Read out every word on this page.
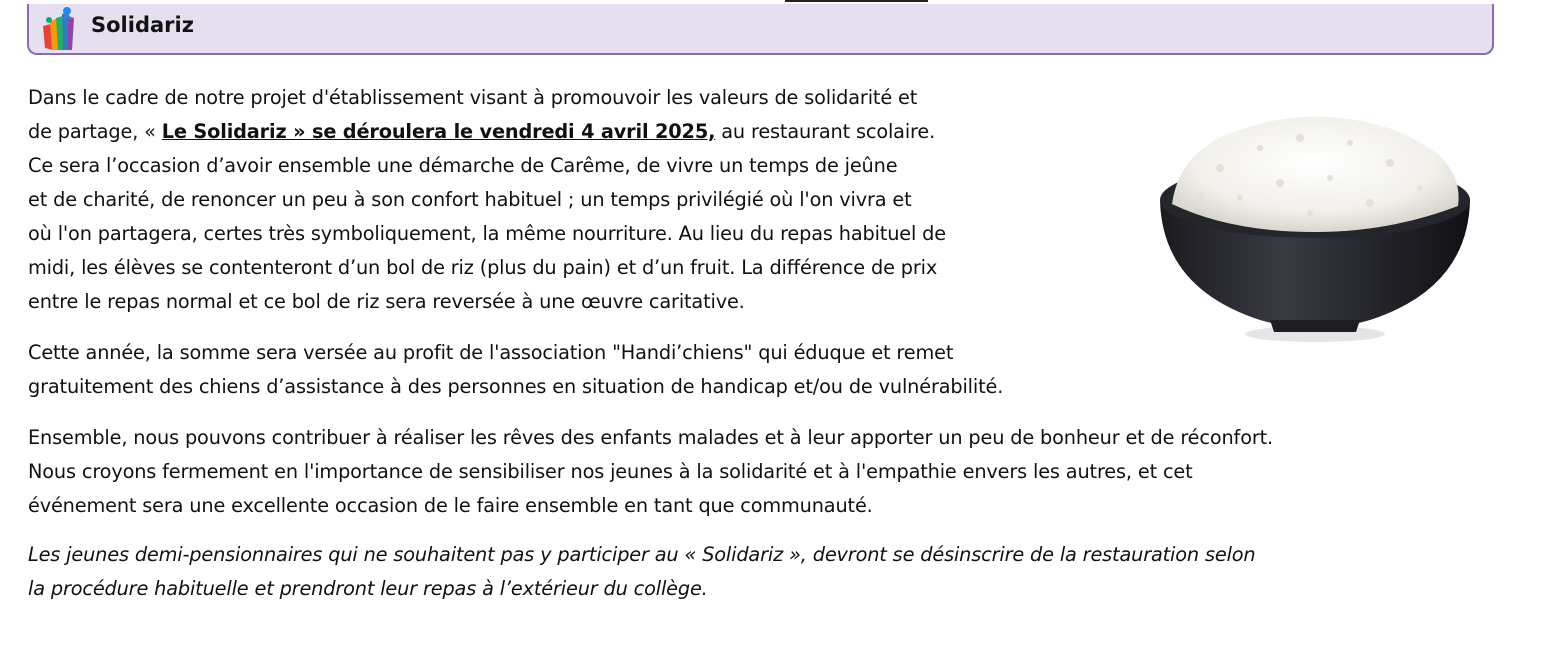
Solidariz
Dans le cadre de notre projet d'établissement visant à promouvoir les valeurs de solidarité et
de partage, « Le Solidariz » se déroulera le vendredi 4 avril 2025, au restaurant scolaire.
Ce sera l’occasion d’avoir ensemble une démarche de Carême, de vivre un temps de jeûne
et de charité, de renoncer un peu à son confort habituel ; un temps privilégié où l'on vivra et
où l'on partagera, certes très symboliquement, la même nourriture. Au lieu du repas habituel de
midi, les élèves se contenteront d’un bol de riz (plus du pain) et d’un fruit. La différence de prix
entre le repas normal et ce bol de riz sera reversée à une œuvre caritative.
Cette année, la somme sera versée au profit de l'association "Handi’chiens" qui éduque et remet
gratuitement des chiens d’assistance à des personnes en situation de handicap et/ou de vulnérabilité.
Ensemble, nous pouvons contribuer à réaliser les rêves des enfants malades et à leur apporter un peu de bonheur et de réconfort.
Nous croyons fermement en l'importance de sensibiliser nos jeunes à la solidarité et à l'empathie envers les autres, et cet
événement sera une excellente occasion de le faire ensemble en tant que communauté.
Les jeunes demi-pensionnaires qui ne souhaitent pas y participer au « Solidariz », devront se désinscrire de la restauration selon
la procédure habituelle et prendront leur repas à l’extérieur du collège.
